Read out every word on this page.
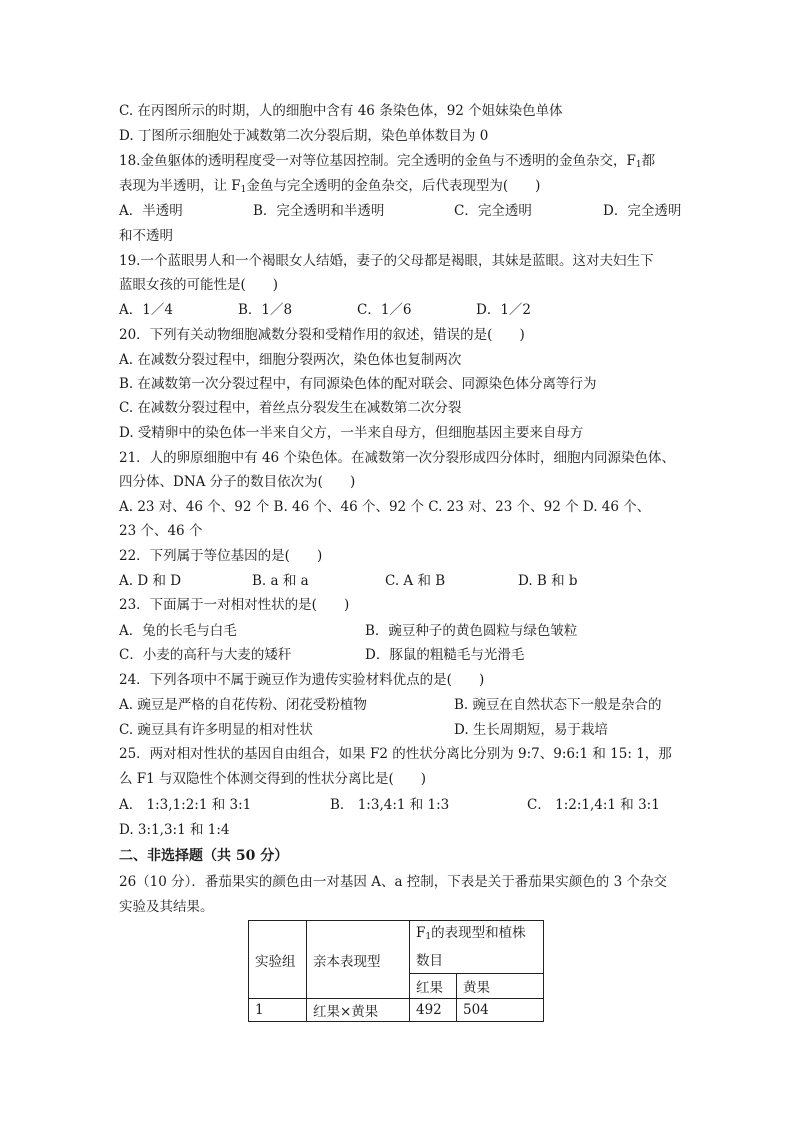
C. 在丙图所示的时期，人的细胞中含有 46 条染色体，92 个姐妹染色单体
D. 丁图所示细胞处于减数第二次分裂后期，染色单体数目为 0
18.金鱼躯体的透明程度受一对等位基因控制。完全透明的金鱼与不透明的金鱼杂交，$F_1$都
表现为半透明，让 $F_1$金鱼与完全透明的金鱼杂交，后代表现型为(　　)
A．半透明	B．完全透明和半透明	C．完全透明	D．完全透明
和不透明
19.一个蓝眼男人和一个褐眼女人结婚，妻子的父母都是褐眼，其妹是蓝眼。这对夫妇生下
蓝眼女孩的可能性是(　　)
A．1／4	B．1／8	C．1／6	D．1／2
20．下列有关动物细胞减数分裂和受精作用的叙述，错误的是(　　)
A. 在减数分裂过程中，细胞分裂两次，染色体也复制两次
B. 在减数第一次分裂过程中，有同源染色体的配对联会、同源染色体分离等行为
C. 在减数分裂过程中，着丝点分裂发生在减数第二次分裂
D. 受精卵中的染色体一半来自父方，一半来自母方，但细胞基因主要来自母方
21．人的卵原细胞中有 46 个染色体。在减数第一次分裂形成四分体时，细胞内同源染色体、
四分体、DNA 分子的数目依次为(　　)
A. 23 对、46 个、92 个 B. 46 个、46 个、92 个 C. 23 对、23 个、92 个 D. 46 个、
23 个、46 个
22．下列属于等位基因的是(　　)
A. D 和 D	B. a 和 a	C. A 和 B	D. B 和 b
23．下面属于一对相对性状的是(　　)
A．兔的长毛与白毛	B．豌豆种子的黄色圆粒与绿色皱粒
C．小麦的高秆与大麦的矮秆	D．豚鼠的粗糙毛与光滑毛
24．下列各项中不属于豌豆作为遗传实验材料优点的是(　　)
A. 豌豆是严格的自花传粉、闭花受粉植物	B. 豌豆在自然状态下一般是杂合的
C. 豌豆具有许多明显的相对性状	D. 生长周期短，易于栽培
25．两对相对性状的基因自由组合，如果 F2 的性状分离比分别为 9:7、9:6:1 和 15: 1，那
么 F1 与双隐性个体测交得到的性状分离比是(　　)
A． 1:3,1:2:1 和 3:1	B． 1:3,4:1 和 1:3	C． 1:2:1,4:1 和 3:1
D. 3:1,3:1 和 1:4
二、非选择题（共 50 分）
26（10 分）．番茄果实的颜色由一对基因 A、a 控制，下表是关于番茄果实颜色的 3 个杂交
实验及其结果。
实验组	亲本表现型	$F_1$的表现型和植株
数目	
		红果	黄果
1	红果×黄果	492	504
